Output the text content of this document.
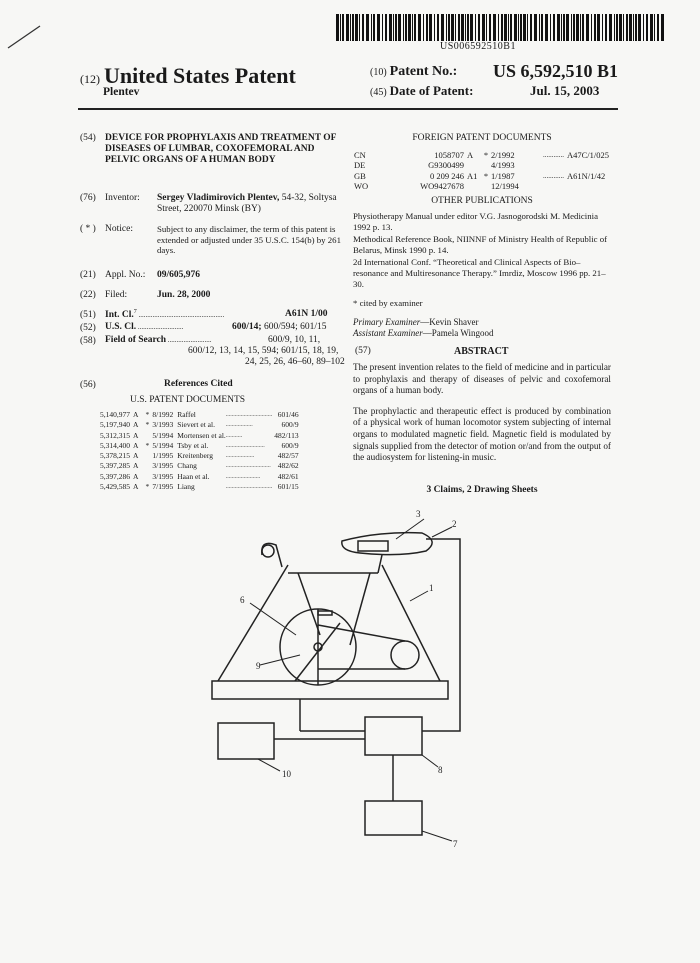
US006592510B1
(12) United States Patent
Plentev
(10) Patent No.:	US 6,592,510 B1
(45) Date of Patent:	Jul. 15, 2003
(54) DEVICE FOR PROPHYLAXIS AND TREATMENT OF DISEASES OF LUMBAR, COXOFEMORAL AND PELVIC ORGANS OF A HUMAN BODY
(76) Inventor: Sergey Vladimirovich Plentev, 54-32, Soltysa Street, 220070 Minsk (BY)
( * ) Notice:	Subject to any disclaimer, the term of this patent is extended or adjusted under 35 U.S.C. 154(b) by 261 days.
(21) Appl. No.: 09/605,976
(22) Filed:	Jun. 28, 2000
(51) Int. Cl.$^7$ .................................................	A61N 1/00
(52) U.S. Cl. ..........................	600/14; 600/594; 601/15
(58) Field of Search .........................	600/9, 10, 11,
600/12, 13, 14, 15, 594; 601/15, 18, 19,
24, 25, 26, 46–60, 89–102
(56)	References Cited
U.S. PATENT DOCUMENTS
5,140,977	A	*	8/1992	Raffel	...............................	601/46
5,197,940	A	*	3/1993	Sievert et al.	..................	600/9
5,312,315	A		5/1994	Mortensen et al.	...........	482/113
5,314,400	A	*	5/1994	Tsby et al.	..........................	600/9
5,378,215	A		1/1995	Kreitenberg	...................	482/57
5,397,285	A		3/1995	Chang	..............................	482/62
5,397,286	A		3/1995	Haan et al.	.......................	482/61
5,429,585	A	*	7/1995	Liang	...............................	601/15
FOREIGN PATENT DOCUMENTS
CN	1058707	A	*	2/1992	............	A47C/1/025
DE	G9300499			4/1993		
GB	0 209 246	A1	*	1/1987	............	A61N/1/42
WO	WO9427678			12/1994		
OTHER PUBLICATIONS
Physiotherapy Manual under editor V.G. Jasnogorodski M. Medicinia 1992 p. 13.
Methodical Reference Book, NIINNF of Ministry Health of Republic of Belarus, Minsk 1990 p. 14.
2d International Conf. “Theoretical and Clinical Aspects of Bio–resonance and Multiresonance Therapy.” Imrdiz, Moscow 1996 pp. 21–30.
* cited by examiner
Primary Examiner—Kevin Shaver
Assistant Examiner—Pamela Wingood
(57)	ABSTRACT

The present invention relates to the field of medicine and in particular to prophylaxis and therapy of diseases of pelvic and coxofemoral organs of a human body.

The prophylactic and therapeutic effect is produced by combination of a physical work of human locomotor system subjecting of internal organs to modulated magnetic field. Magnetic field is modulated by signals supplied from the detector of motion or/and from the output of the audiosystem for listening-in music.

3 Claims, 2 Drawing Sheets
3
2
1
6
9
8
10
7
